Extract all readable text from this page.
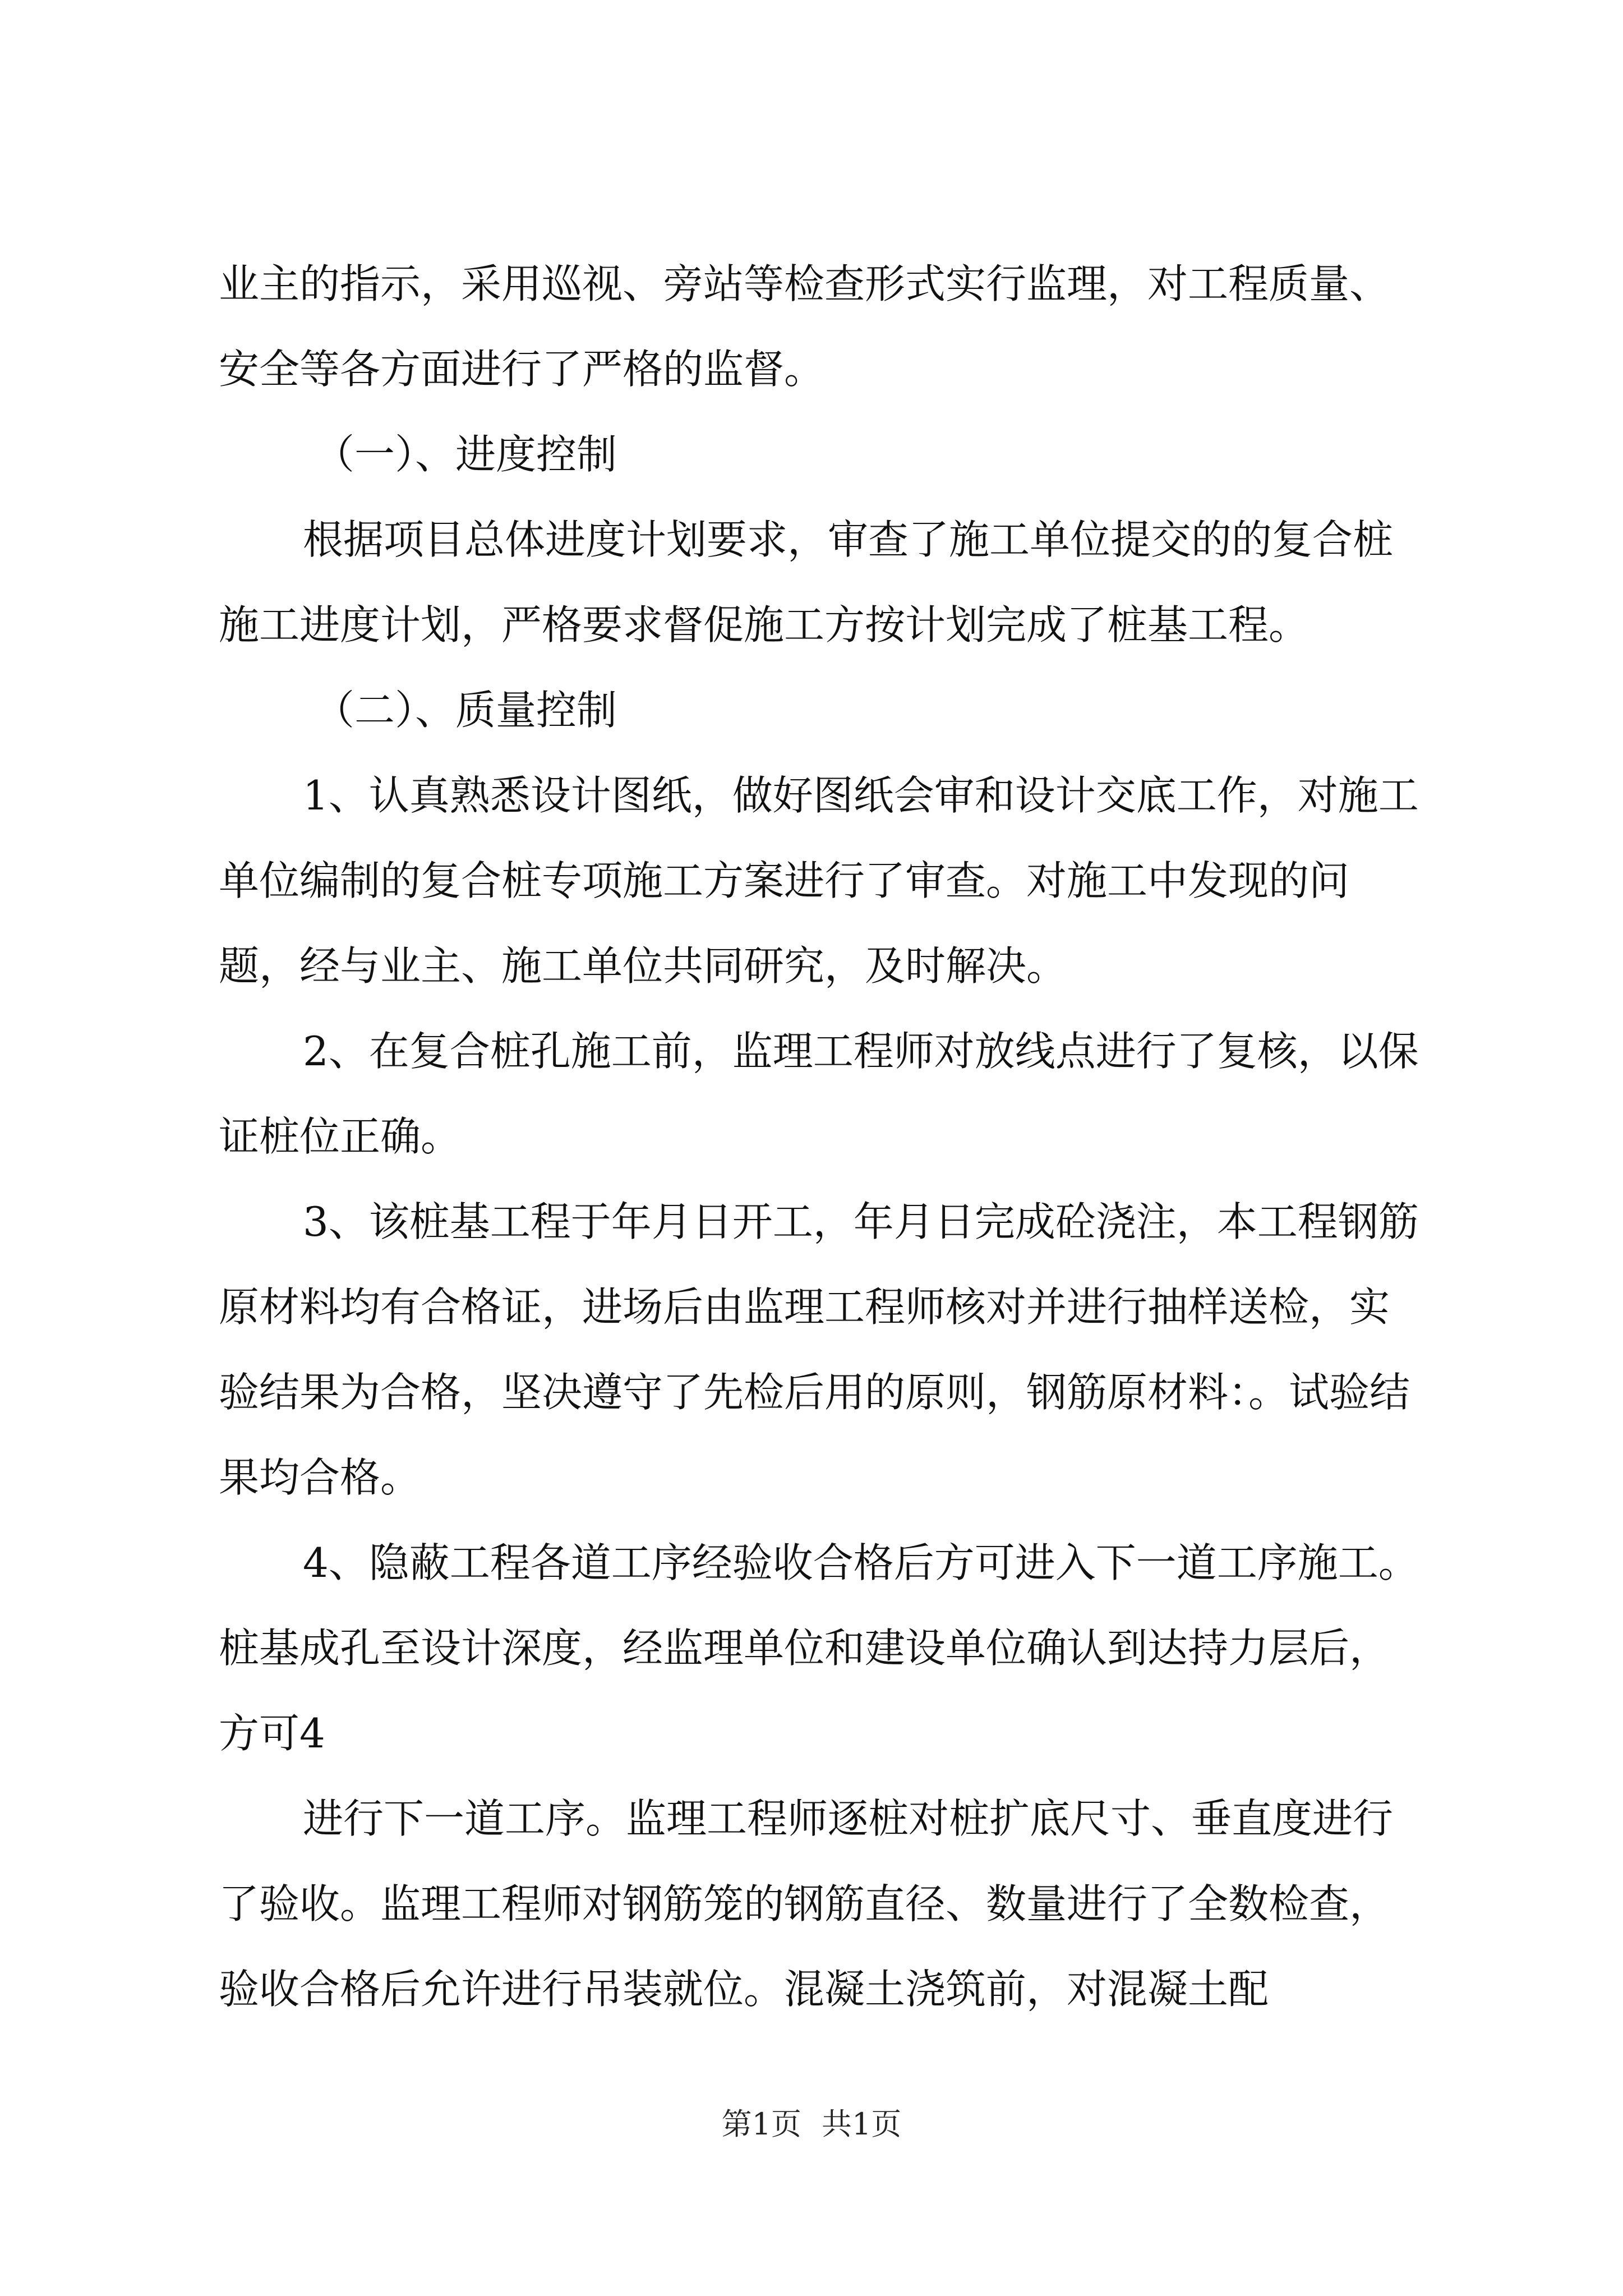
业主的指示，采用巡视、旁站等检查形式实行监理，对工程质量、安全等各方面进行了严格的监督。

（一）、进度控制

根据项目总体进度计划要求，审查了施工单位提交的的复合桩施工进度计划，严格要求督促施工方按计划完成了桩基工程。

（二）、质量控制

1、认真熟悉设计图纸，做好图纸会审和设计交底工作，对施工单位编制的复合桩专项施工方案进行了审查。对施工中发现的问题，经与业主、施工单位共同研究，及时解决。

2、在复合桩孔施工前，监理工程师对放线点进行了复核，以保证桩位正确。

3、该桩基工程于年月日开工，年月日完成砼浇注，本工程钢筋原材料均有合格证，进场后由监理工程师核对并进行抽样送检，实验结果为合格，坚决遵守了先检后用的原则，钢筋原材料：。试验结果均合格。

4、隐蔽工程各道工序经验收合格后方可进入下一道工序施工。桩基成孔至设计深度，经监理单位和建设单位确认到达持力层后，方可4

进行下一道工序。监理工程师逐桩对桩扩底尺寸、垂直度进行了验收。监理工程师对钢筋笼的钢筋直径、数量进行了全数检查，验收合格后允许进行吊装就位。混凝土浇筑前，对混凝土配

第1页 共1页
